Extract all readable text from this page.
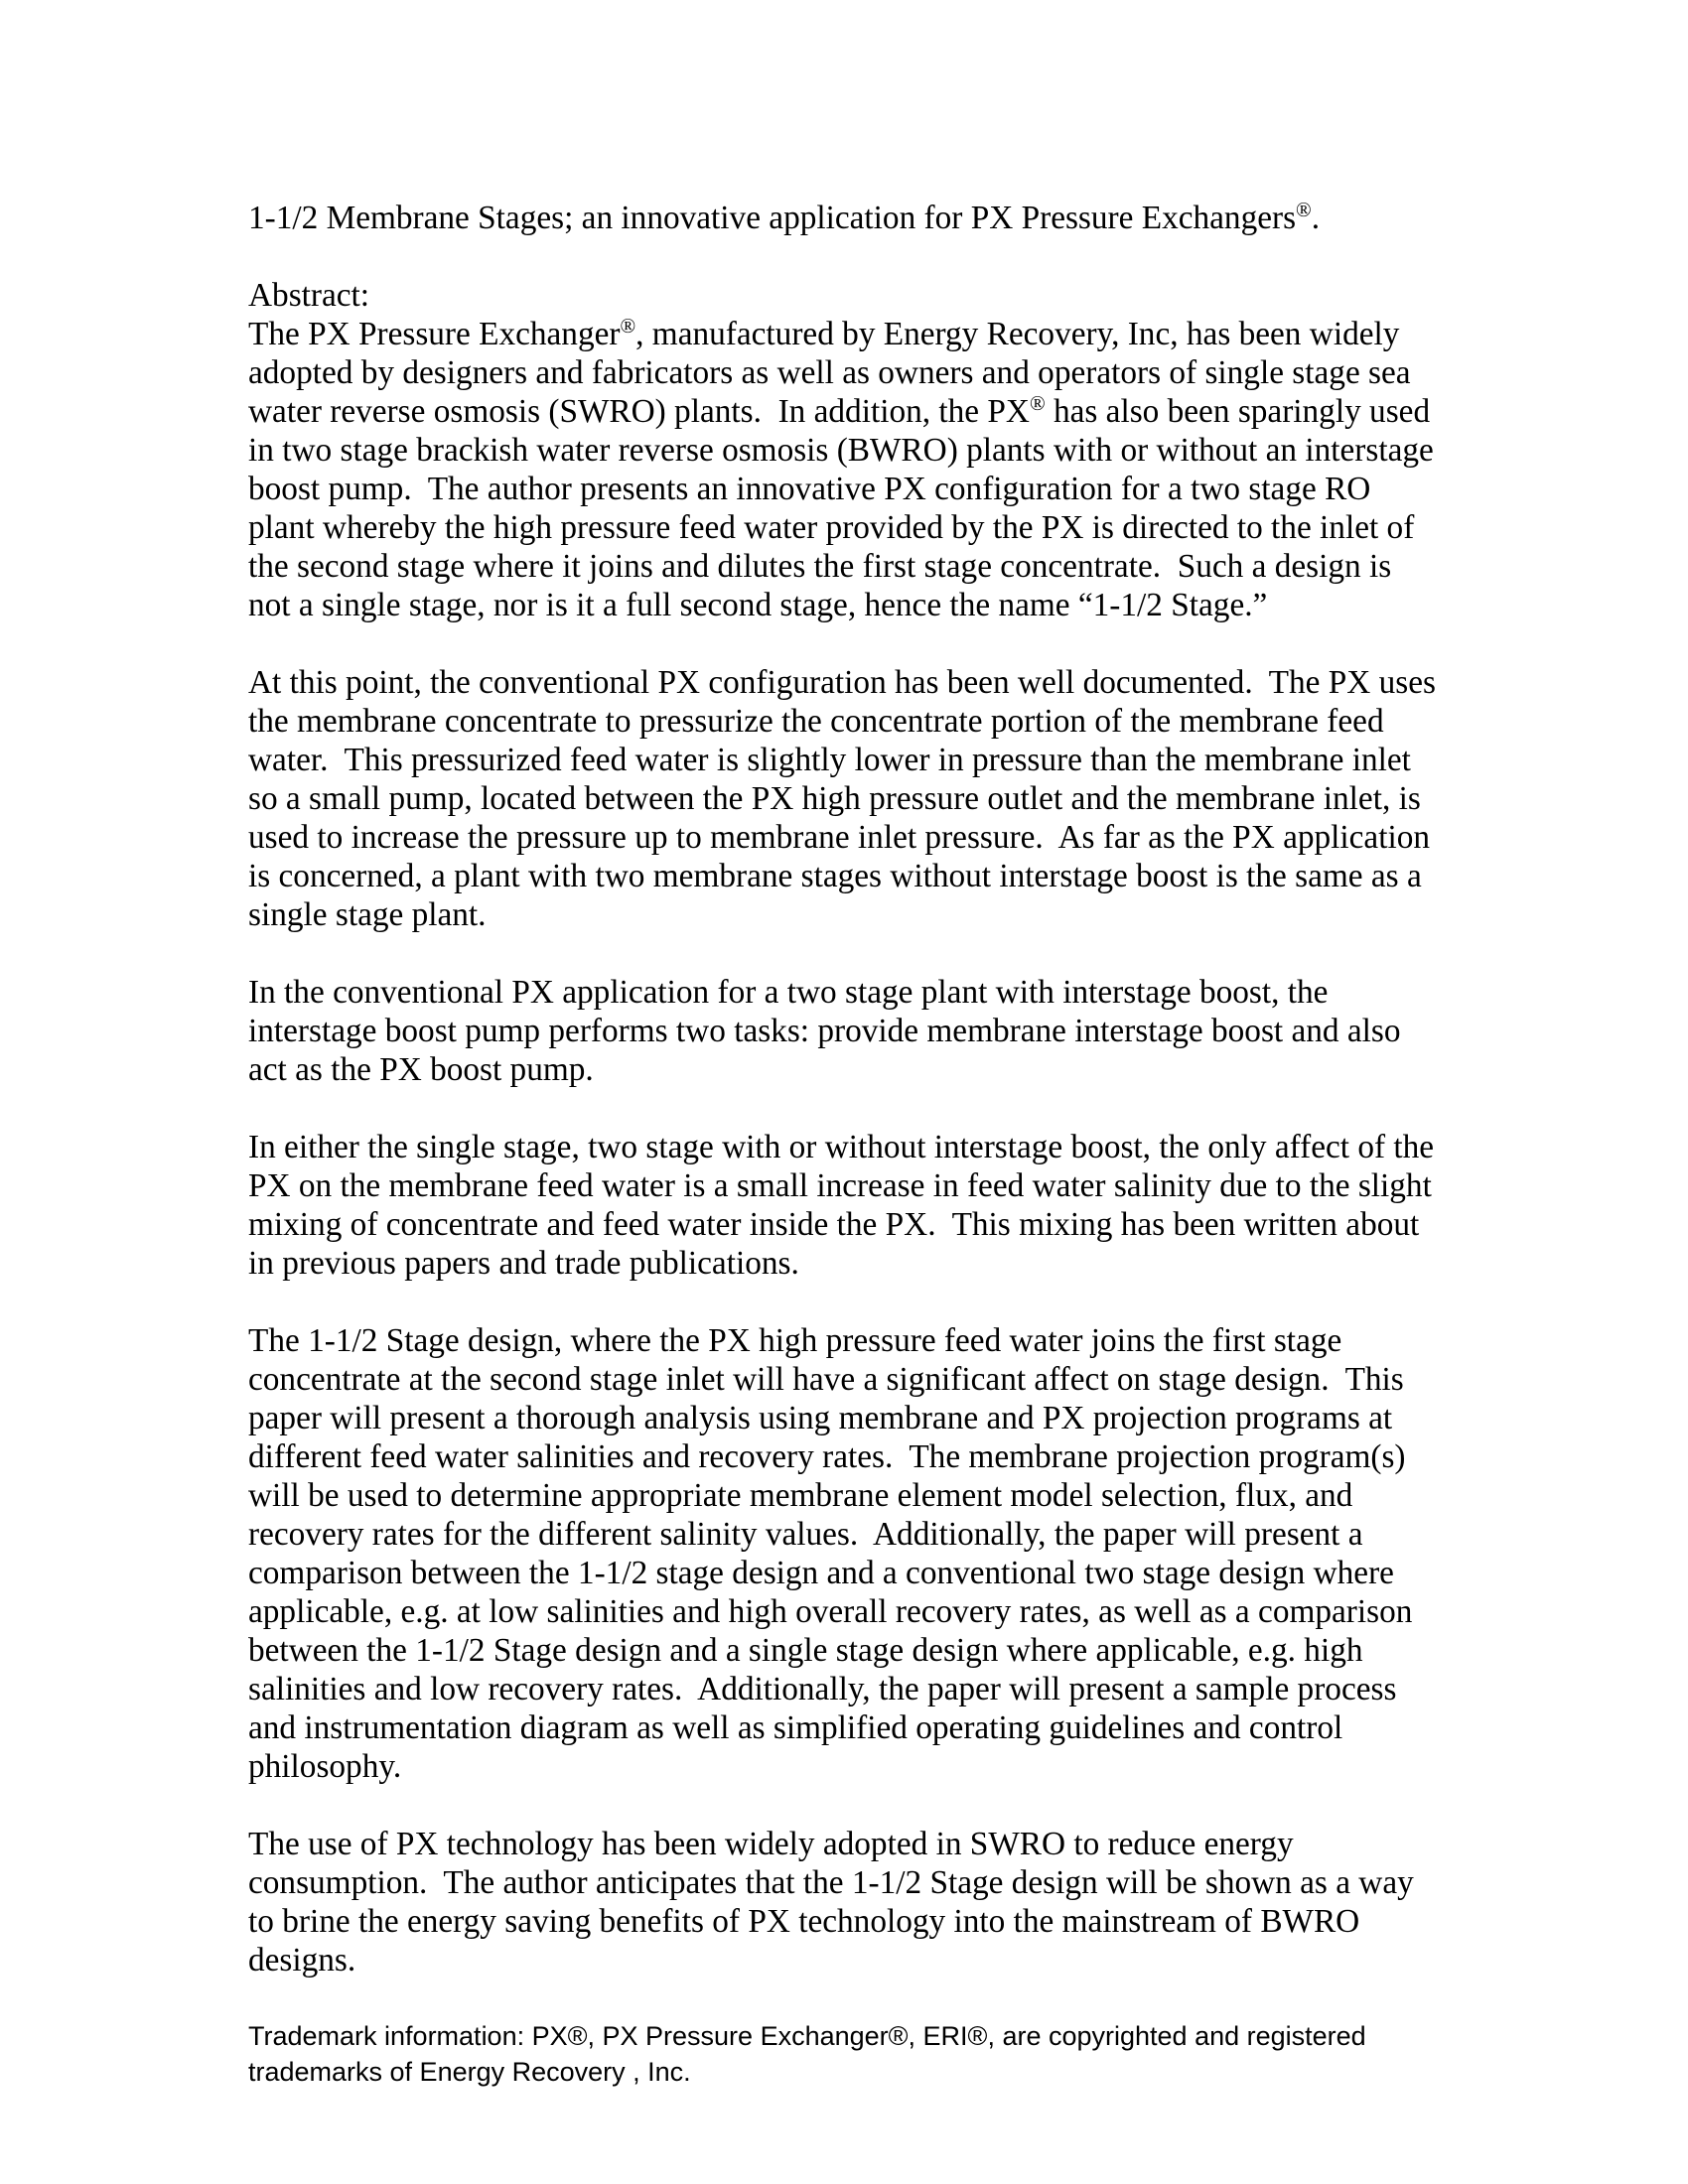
1-1/2 Membrane Stages; an innovative application for PX Pressure Exchangers®.

Abstract:

The PX Pressure Exchanger®, manufactured by Energy Recovery, Inc, has been widely adopted by designers and fabricators as well as owners and operators of single stage sea water reverse osmosis (SWRO) plants.  In addition, the PX® has also been sparingly used in two stage brackish water reverse osmosis (BWRO) plants with or without an interstage boost pump.  The author presents an innovative PX configuration for a two stage RO plant whereby the high pressure feed water provided by the PX is directed to the inlet of the second stage where it joins and dilutes the first stage concentrate.  Such a design is not a single stage, nor is it a full second stage, hence the name “1-1/2 Stage.”

At this point, the conventional PX configuration has been well documented.  The PX uses the membrane concentrate to pressurize the concentrate portion of the membrane feed water.  This pressurized feed water is slightly lower in pressure than the membrane inlet so a small pump, located between the PX high pressure outlet and the membrane inlet, is used to increase the pressure up to membrane inlet pressure.  As far as the PX application is concerned, a plant with two membrane stages without interstage boost is the same as a single stage plant.

In the conventional PX application for a two stage plant with interstage boost, the interstage boost pump performs two tasks: provide membrane interstage boost and also act as the PX boost pump.

In either the single stage, two stage with or without interstage boost, the only affect of the PX on the membrane feed water is a small increase in feed water salinity due to the slight mixing of concentrate and feed water inside the PX.  This mixing has been written about in previous papers and trade publications.

The 1-1/2 Stage design, where the PX high pressure feed water joins the first stage concentrate at the second stage inlet will have a significant affect on stage design.  This paper will present a thorough analysis using membrane and PX projection programs at different feed water salinities and recovery rates.  The membrane projection program(s) will be used to determine appropriate membrane element model selection, flux, and recovery rates for the different salinity values.  Additionally, the paper will present a comparison between the 1-1/2 stage design and a conventional two stage design where applicable, e.g. at low salinities and high overall recovery rates, as well as a comparison between the 1-1/2 Stage design and a single stage design where applicable, e.g. high salinities and low recovery rates.  Additionally, the paper will present a sample process and instrumentation diagram as well as simplified operating guidelines and control philosophy.

The use of PX technology has been widely adopted in SWRO to reduce energy consumption.  The author anticipates that the 1-1/2 Stage design will be shown as a way to brine the energy saving benefits of PX technology into the mainstream of BWRO designs.

Trademark information: PX®, PX Pressure Exchanger®, ERI®, are copyrighted and registered trademarks of Energy Recovery , Inc.
